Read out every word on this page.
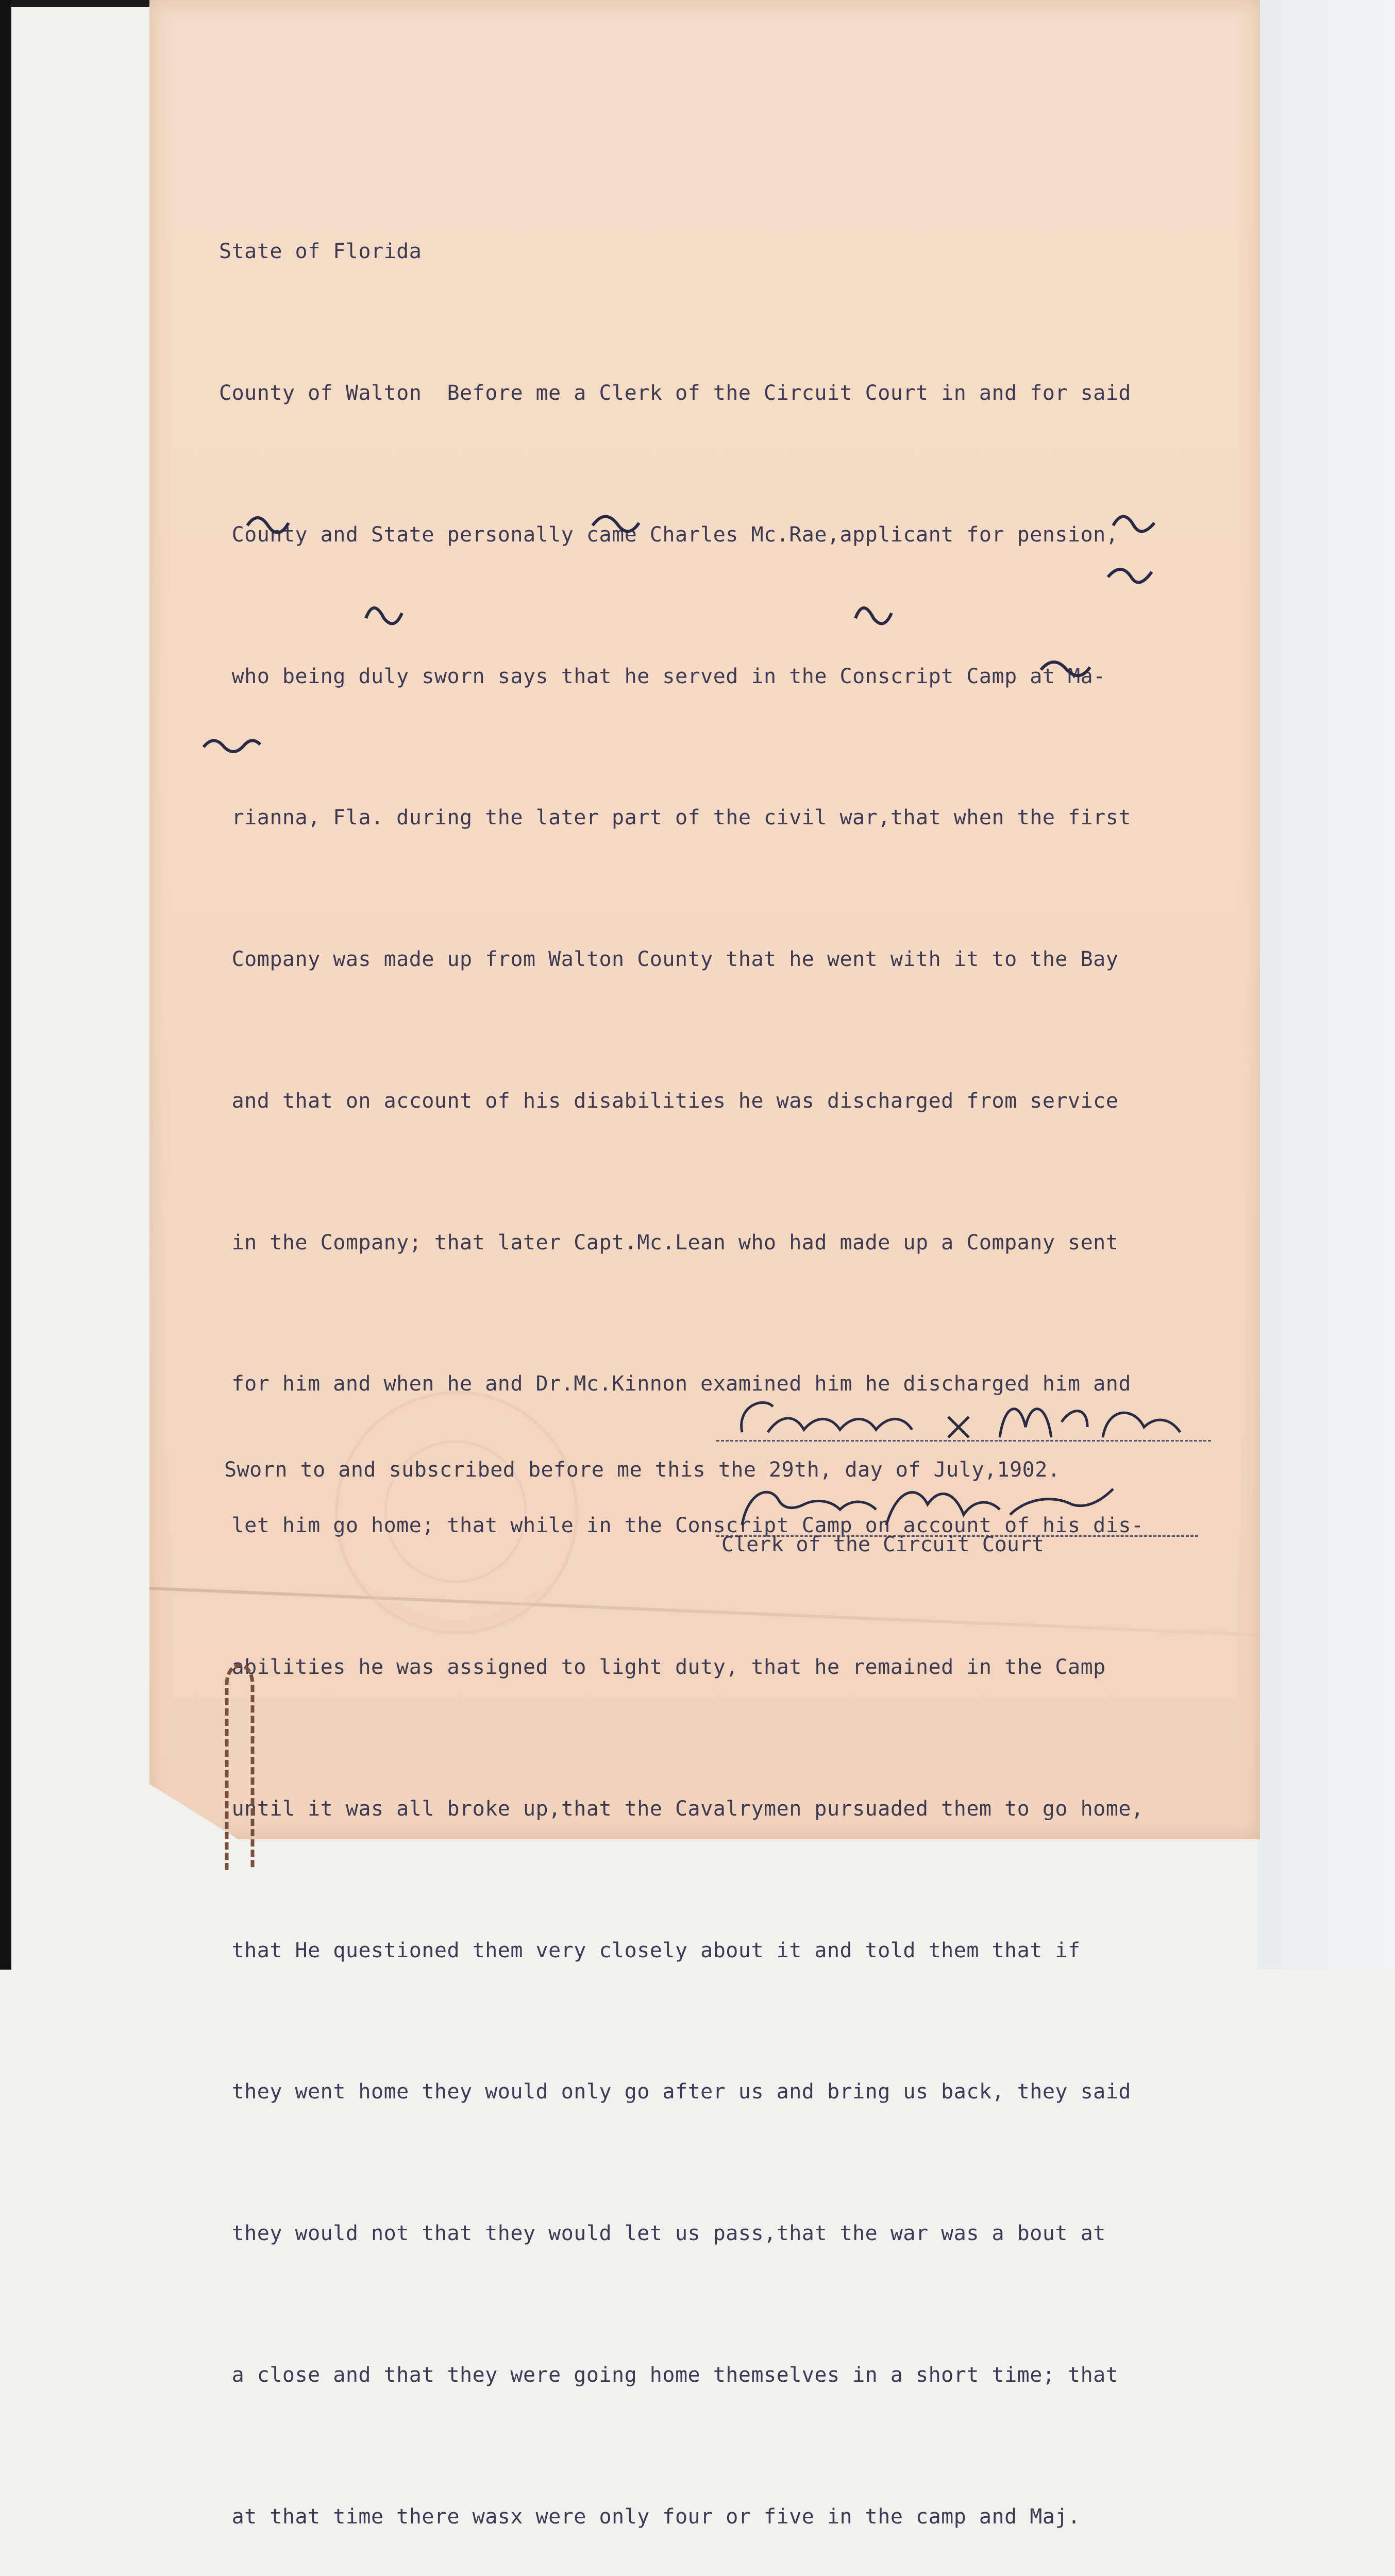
State of Florida

County of Walton  Before me a Clerk of the Circuit Court in and for said

County and State personally came Charles Mc.Rae,applicant for pension,

who being duly sworn says that he served in the Conscript Camp at Ma-

rianna, Fla. during the later part of the civil war,that when the first

Company was made up from Walton County that he went with it to the Bay

and that on account of his disabilities he was discharged from service

in the Company; that later Capt.Mc.Lean who had made up a Company sent

for him and when he and Dr.Mc.Kinnon examined him he discharged him and

let him go home; that while in the Conscript Camp on account of his dis-

abilities he was assigned to light duty, that he remained in the Camp

until it was all broke up,that the Cavalrymen pursuaded them to go home,

that He questioned them very closely about it and told them that if

they went home they would only go after us and bring us back, they said

they would not that they would let us pass,that the war was a bout at

a close and that they were going home themselves in a short time; that

at that time there wasx were only four or five in the camp and Maj.

Sworn to and subscribed before me this the 29th, day of July,1902.
Clerk of the Circuit Court
